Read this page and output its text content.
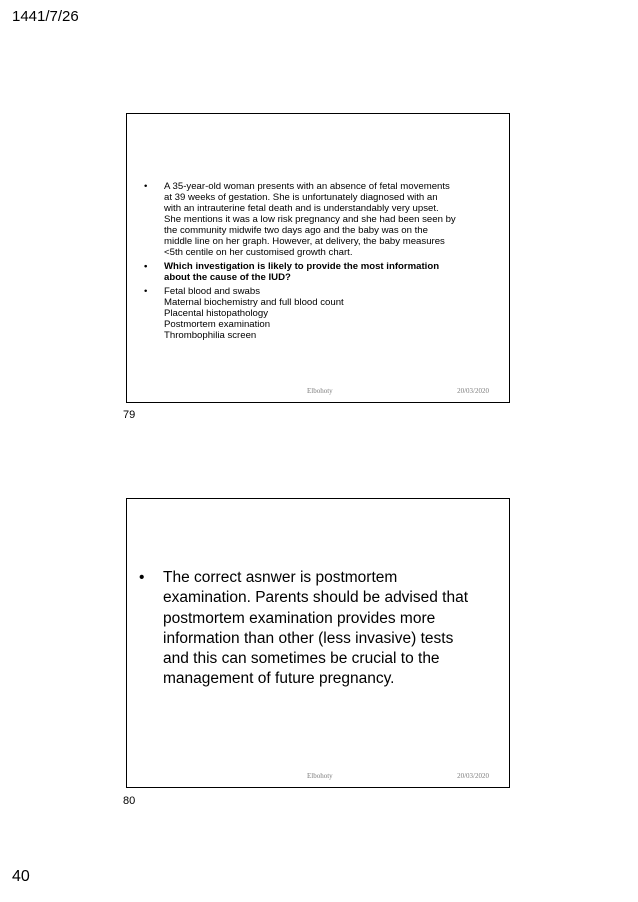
1441/7/26
• A 35-year-old woman presents with an absence of fetal movements
at 39 weeks of gestation. She is unfortunately diagnosed with an
with an intrauterine fetal death and is understandably very upset.
She mentions it was a low risk pregnancy and she had been seen by
the community midwife two days ago and the baby was on the
middle line on her graph. However, at delivery, the baby measures
<5th centile on her customised growth chart.
• Which investigation is likely to provide the most information
about the cause of the IUD?
• Fetal blood and swabs
Maternal biochemistry and full blood count
Placental histopathology
Postmortem examination
Thrombophilia screen
Elbohoty	20/03/2020
79
• The correct asnwer is postmortem
examination. Parents should be advised that
postmortem examination provides more
information than other (less invasive) tests
and this can sometimes be crucial to the
management of future pregnancy.
Elbohoty	20/03/2020
80
40
